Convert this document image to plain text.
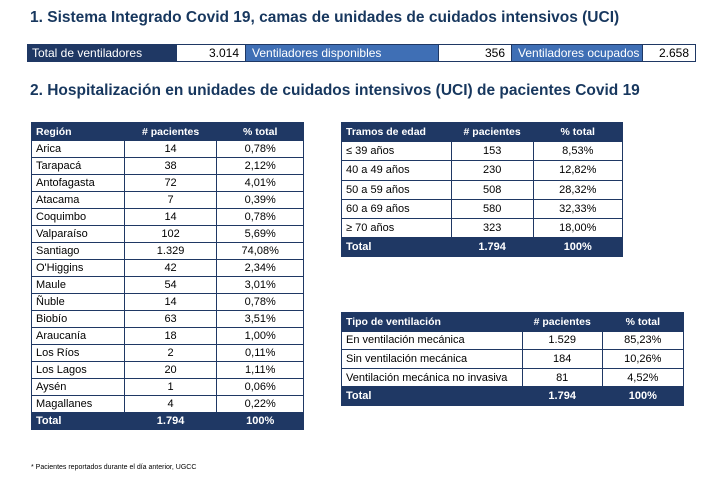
1. Sistema Integrado Covid 19, camas de unidades de cuidados intensivos (UCI)
Total de ventiladores	3.014	Ventiladores disponibles	356	Ventiladores ocupados	2.658
2. Hospitalización en unidades de cuidados intensivos (UCI) de pacientes Covid 19
Región	# pacientes	% total
Arica	14	0,78%
Tarapacá	38	2,12%
Antofagasta	72	4,01%
Atacama	7	0,39%
Coquimbo	14	0,78%
Valparaíso	102	5,69%
Santiago	1.329	74,08%
O'Higgins	42	2,34%
Maule	54	3,01%
Ñuble	14	0,78%
Biobío	63	3,51%
Araucanía	18	1,00%
Los Ríos	2	0,11%
Los Lagos	20	1,11%
Aysén	1	0,06%
Magallanes	4	0,22%
Total	1.794	100%
Tramos de edad	# pacientes	% total
≤ 39 años	153	8,53%
40 a 49 años	230	12,82%
50 a 59 años	508	28,32%
60 a 69 años	580	32,33%
≥ 70 años	323	18,00%
Total	1.794	100%
Tipo de ventilación	# pacientes	% total
En ventilación mecánica	1.529	85,23%
Sin ventilación mecánica	184	10,26%
Ventilación mecánica no invasiva	81	4,52%
Total	1.794	100%
* Pacientes reportados durante el día anterior, UGCC
